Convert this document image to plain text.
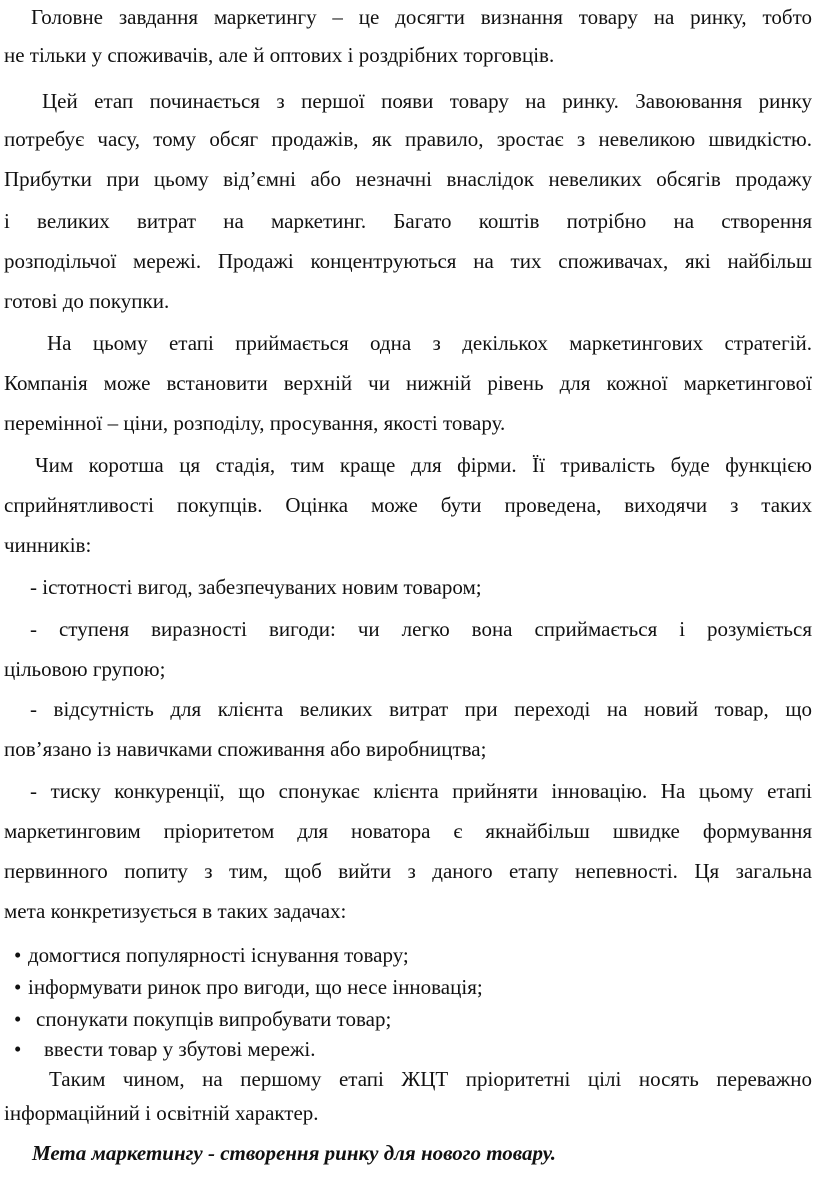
Головне завдання маркетингу – це досягти визнання товару на ринку, тобто
не тільки у споживачів, але й оптових і роздрібних торговців.
Цей етап починається з першої появи товару на ринку. Завоювання ринку
потребує часу, тому обсяг продажів, як правило, зростає з невеликою швидкістю.
Прибутки при цьому від’ємні або незначні внаслідок невеликих обсягів продажу
і великих витрат на маркетинг. Багато коштів потрібно на створення
розподільчої мережі. Продажі концентруються на тих споживачах, які найбільш
готові до покупки.
На цьому етапі приймається одна з декількох маркетингових стратегій.
Компанія може встановити верхній чи нижній рівень для кожної маркетингової
перемінної – ціни, розподілу, просування, якості товару.
Чим коротша ця стадія, тим краще для фірми. Її тривалість буде функцією
сприйнятливості покупців. Оцінка може бути проведена, виходячи з таких
чинників:
- істотності вигод, забезпечуваних новим товаром;
- ступеня виразності вигоди: чи легко вона сприймається і розуміється
цільовою групою;
- відсутність для клієнта великих витрат при переході на новий товар, що
пов’язано із навичками споживання або виробництва;
- тиску конкуренції, що спонукає клієнта прийняти інновацію. На цьому етапі
маркетинговим пріоритетом для новатора є якнайбільш швидке формування
первинного попиту з тим, щоб вийти з даного етапу непевності. Ця загальна
мета конкретизується в таких задачах:
• домогтися популярності існування товару;
• інформувати ринок про вигоди, що несе інновація;
• спонукати покупців випробувати товар;
• ввести товар у збутові мережі.
Таким чином, на першому етапі ЖЦТ пріоритетні цілі носять переважно
інформаційний і освітній характер.
Мета маркетингу - створення ринку для нового товару.
